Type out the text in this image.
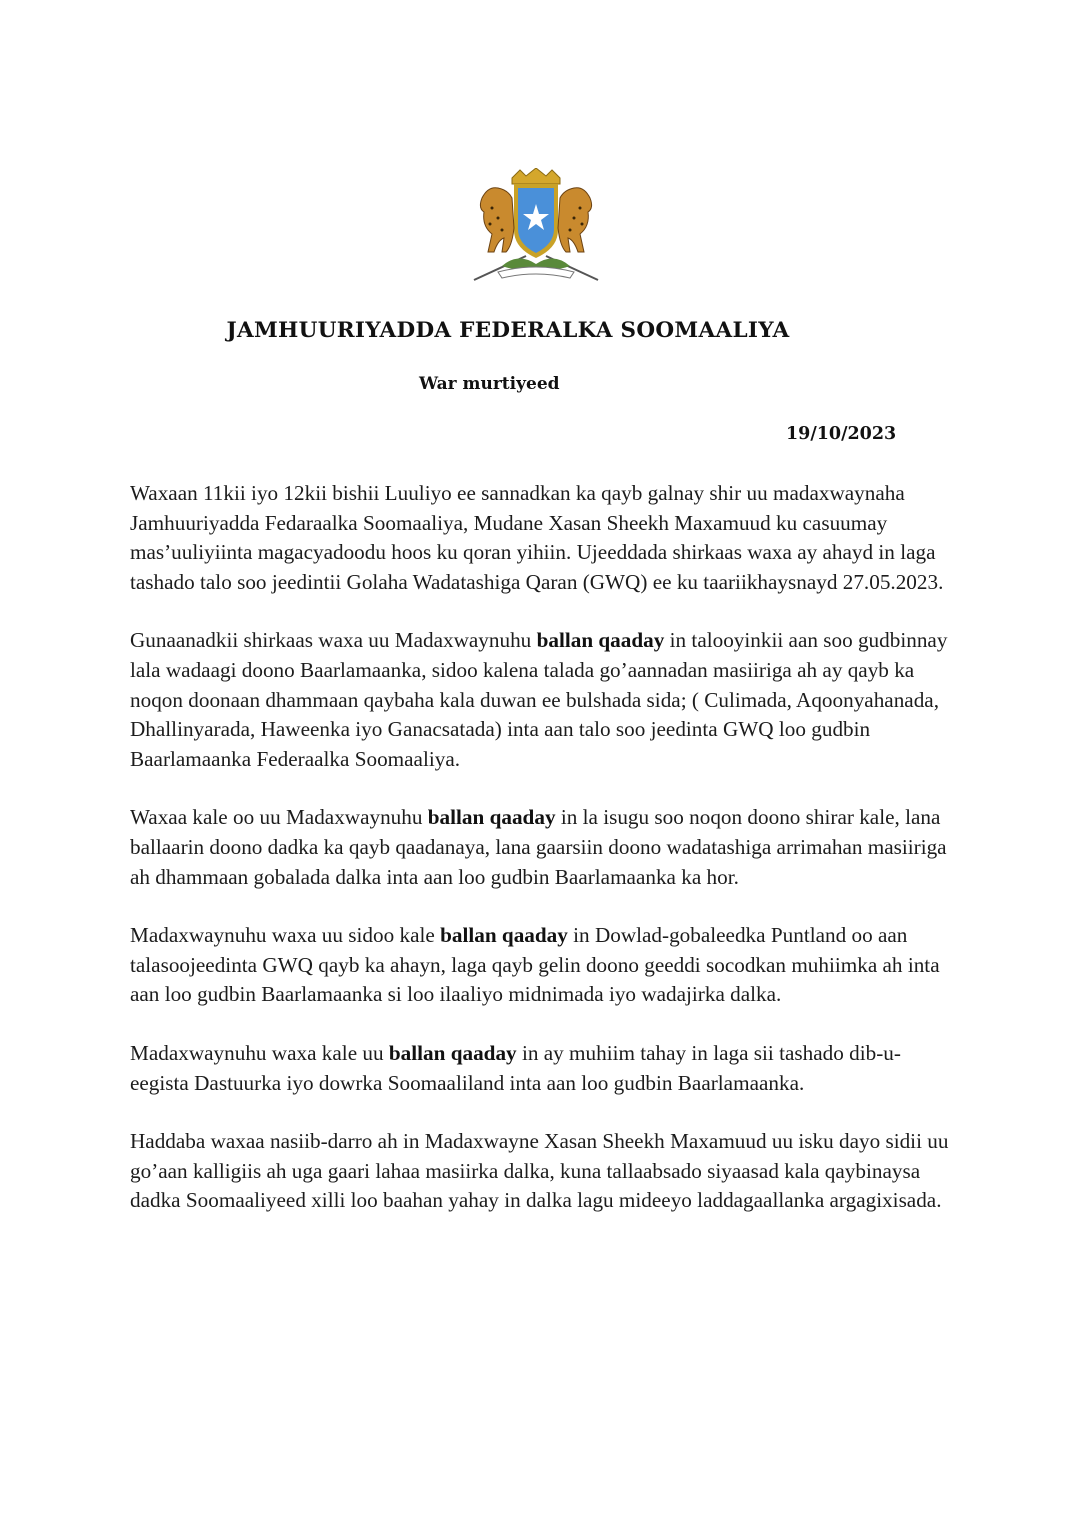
JAMHUURIYADDA FEDERALKA SOOMAALIYA
War murtiyeed
19/10/2023

Waxaan 11kii iyo 12kii bishii Luuliyo ee sannadkan ka qayb galnay shir uu madaxwaynaha Jamhuuriyadda Fedaraalka Soomaaliya, Mudane Xasan Sheekh Maxamuud ku casuumay mas’uuliyiinta magacyadoodu hoos ku qoran yihiin. Ujeeddada shirkaas waxa ay ahayd in laga tashado talo soo jeedintii Golaha Wadatashiga Qaran (GWQ) ee ku taariikhaysnayd 27.05.2023.

Gunaanadkii shirkaas waxa uu Madaxwaynuhu ballan qaaday in talooyinkii aan soo gudbinnay lala wadaagi doono Baarlamaanka, sidoo kalena talada go’aannadan masiiriga ah ay qayb ka noqon doonaan dhammaan qaybaha kala duwan ee bulshada sida; ( Culimada, Aqoonyahanada, Dhallinyarada, Haweenka iyo Ganacsatada) inta aan talo soo jeedinta GWQ loo gudbin Baarlamaanka Federaalka Soomaaliya.

Waxaa kale oo uu Madaxwaynuhu ballan qaaday in la isugu soo noqon doono shirar kale, lana ballaarin doono dadka ka qayb qaadanaya, lana gaarsiin doono wadatashiga arrimahan masiiriga ah dhammaan gobalada dalka inta aan loo gudbin Baarlamaanka ka hor.

Madaxwaynuhu waxa uu sidoo kale ballan qaaday in Dowlad-gobaleedka Puntland oo aan talasoojeedinta GWQ qayb ka ahayn, laga qayb gelin doono geeddi socodkan muhiimka ah inta aan loo gudbin Baarlamaanka si loo ilaaliyo midnimada iyo wadajirka dalka.

Madaxwaynuhu waxa kale uu ballan qaaday in ay muhiim tahay in laga sii tashado dib-u-eegista Dastuurka iyo dowrka Soomaaliland inta aan loo gudbin Baarlamaanka.

Haddaba waxaa nasiib-darro ah in Madaxwayne Xasan Sheekh Maxamuud uu isku dayo sidii uu go’aan kalligiis ah uga gaari lahaa masiirka dalka, kuna tallaabsado siyaasad kala qaybinaysa dadka Soomaaliyeed xilli loo baahan yahay in dalka lagu mideeyo laddagaallanka argagixisada.
